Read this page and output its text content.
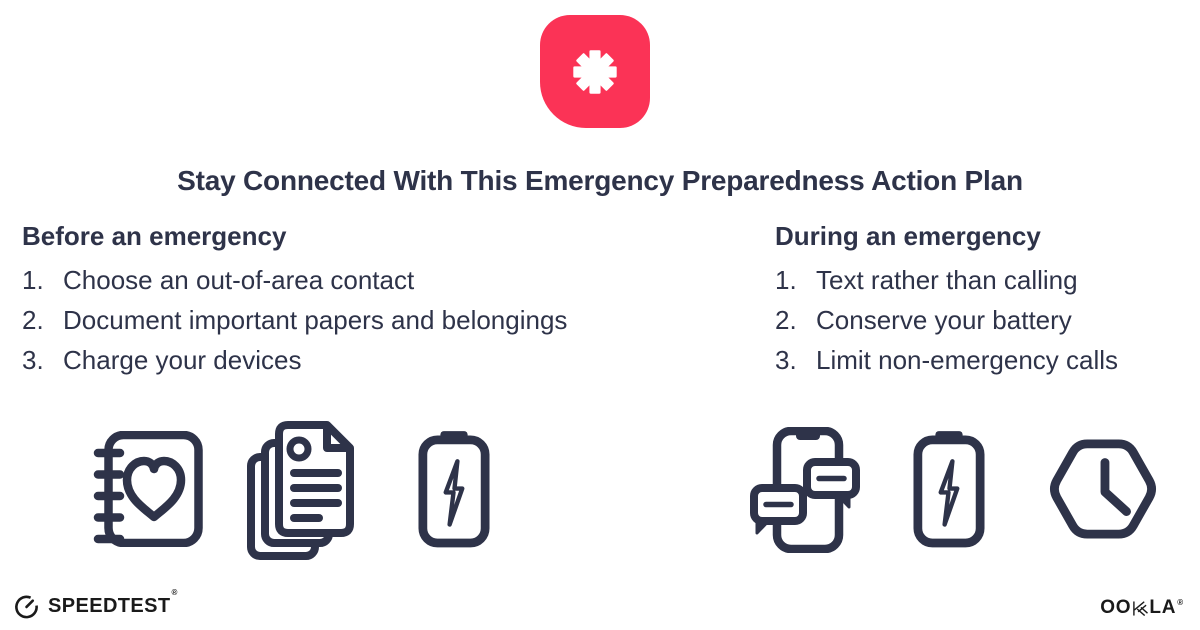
Stay Connected With This Emergency Preparedness Action Plan
Before an emergency
1. Choose an out-of-area contact
2. Document important papers and belongings
3. Charge your devices
During an emergency
1. Text rather than calling
2. Conserve your battery
3. Limit non-emergency calls
SPEEDTEST®
OO LA ®
